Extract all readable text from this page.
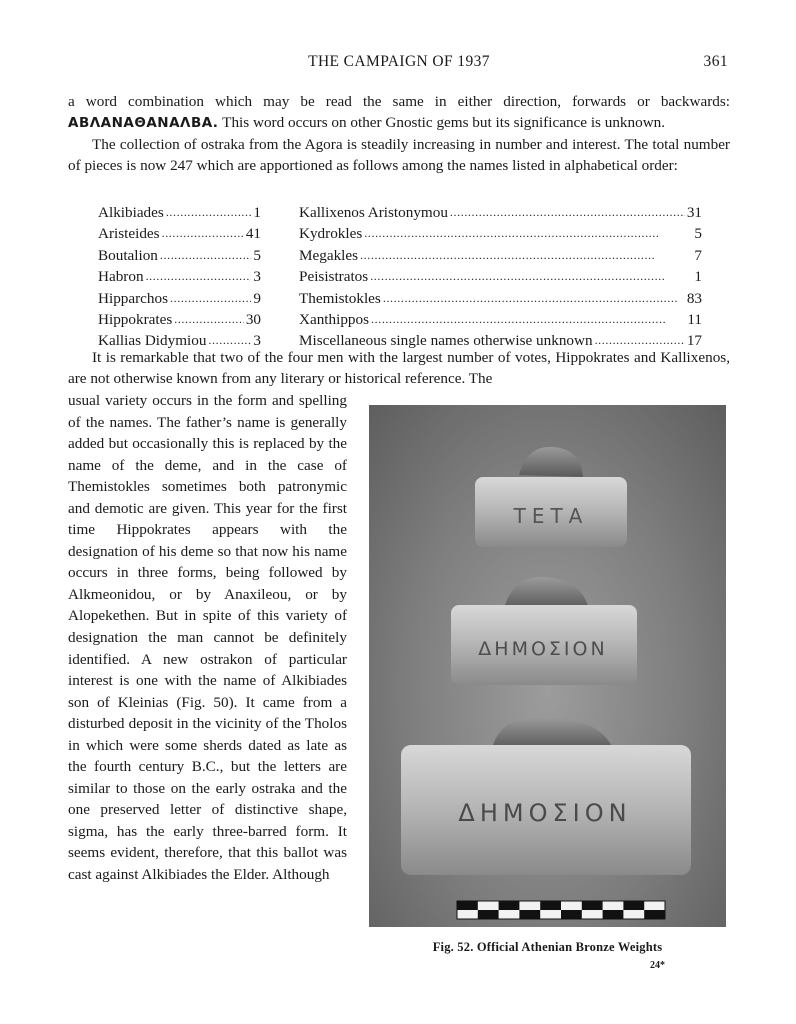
THE CAMPAIGN OF 1937	361

a word combination which may be read the same in either direction, forwards or backwards: ΑΒΛΑΝΑΘΑΝΑΛΒΑ. This word occurs on other Gnostic gems but its significance is unknown.

The collection of ostraka from the Agora is steadily increasing in number and interest. The total number of pieces is now 247 which are apportioned as follows among the names listed in alphabetical order:

Alkibiades . . .	1
Aristeides . . .	41
Boutalion . . .	5
Habron . . .	3
Hipparchos . . .	9
Hippokrates . . .	30
Kallias Didymiou . . .	3
Kallixenos Aristonymou . . .	31
Kydrokles . . .	5
Megakles . . .	7
Peisistratos . . .	1
Themistokles . . .	83
Xanthippos . . .	11
Miscellaneous single names otherwise unknown . . .	17

It is remarkable that two of the four men with the largest number of votes, Hippokrates and Kallixenos, are not otherwise known from any literary or historical reference. The

usual variety occurs in the form and spelling of the names. The father’s name is generally added but occasionally this is replaced by the name of the deme, and in the case of Themistokles sometimes both patronymic and demotic are given. This year for the first time Hippokrates appears with the designation of his deme so that now his name occurs in three forms, being followed by Alkmeonidou, or by Anaxileou, or by Alopekethen. But in spite of this variety of designation the man cannot be definitely identified. A new ostrakon of particular interest is one with the name of Alkibiades son of Kleinias (Fig. 50). It came from a disturbed deposit in the vicinity of the Tholos in which were some sherds dated as late as the fourth century B.C., but the letters are similar to those on the early ostraka and the one preserved letter of distinctive shape, sigma, has the early three-barred form. It seems evident, therefore, that this ballot was cast against Alkibiades the Elder. Although

ΤΕΤΑ
ΔΗΜΟΣΙΟΝ
ΔΗΜΟΣΙΟΝ
Fig. 52. Official Athenian Bronze Weights
24*
